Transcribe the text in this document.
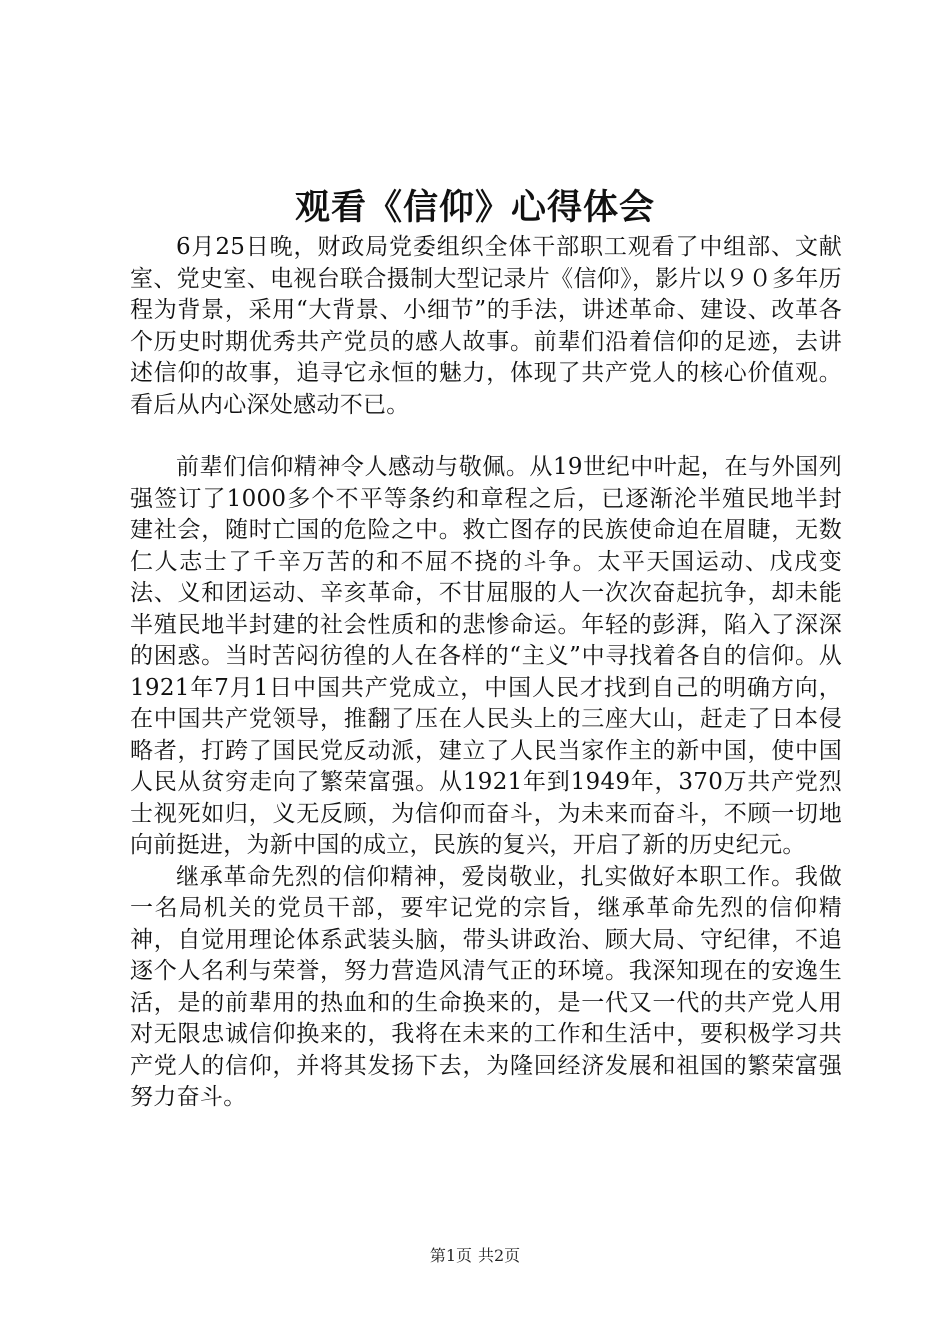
观看《信仰》心得体会

6月25日晚，财政局党委组织全体干部职工观看了中组部、文献室、党史室、电视台联合摄制大型记录片《信仰》，影片以９０多年历程为背景，采用“大背景、小细节”的手法，讲述革命、建设、改革各个历史时期优秀共产党员的感人故事。前辈们沿着信仰的足迹，去讲述信仰的故事，追寻它永恒的魅力，体现了共产党人的核心价值观。看后从内心深处感动不已。

前辈们信仰精神令人感动与敬佩。从19世纪中叶起，在与外国列强签订了1000多个不平等条约和章程之后，已逐渐沦半殖民地半封建社会，随时亡国的危险之中。救亡图存的民族使命迫在眉睫，无数仁人志士了千辛万苦的和不屈不挠的斗争。太平天国运动、戊戌变法、义和团运动、辛亥革命，不甘屈服的人一次次奋起抗争，却未能半殖民地半封建的社会性质和的悲惨命运。年轻的彭湃，陷入了深深的困惑。当时苦闷彷徨的人在各样的“主义”中寻找着各自的信仰。从1921年7月1日中国共产党成立，中国人民才找到自己的明确方向，在中国共产党领导，推翻了压在人民头上的三座大山，赶走了日本侵略者，打跨了国民党反动派，建立了人民当家作主的新中国，使中国人民从贫穷走向了繁荣富强。从1921年到1949年，370万共产党烈士视死如归，义无反顾，为信仰而奋斗，为未来而奋斗，不顾一切地向前挺进，为新中国的成立，民族的复兴，开启了新的历史纪元。

继承革命先烈的信仰精神，爱岗敬业，扎实做好本职工作。我做一名局机关的党员干部，要牢记党的宗旨，继承革命先烈的信仰精神，自觉用理论体系武装头脑，带头讲政治、顾大局、守纪律，不追逐个人名利与荣誉，努力营造风清气正的环境。我深知现在的安逸生活，是的前辈用的热血和的生命换来的，是一代又一代的共产党人用对无限忠诚信仰换来的，我将在未来的工作和生活中，要积极学习共产党人的信仰，并将其发扬下去，为隆回经济发展和祖国的繁荣富强努力奋斗。

第1页 共2页
